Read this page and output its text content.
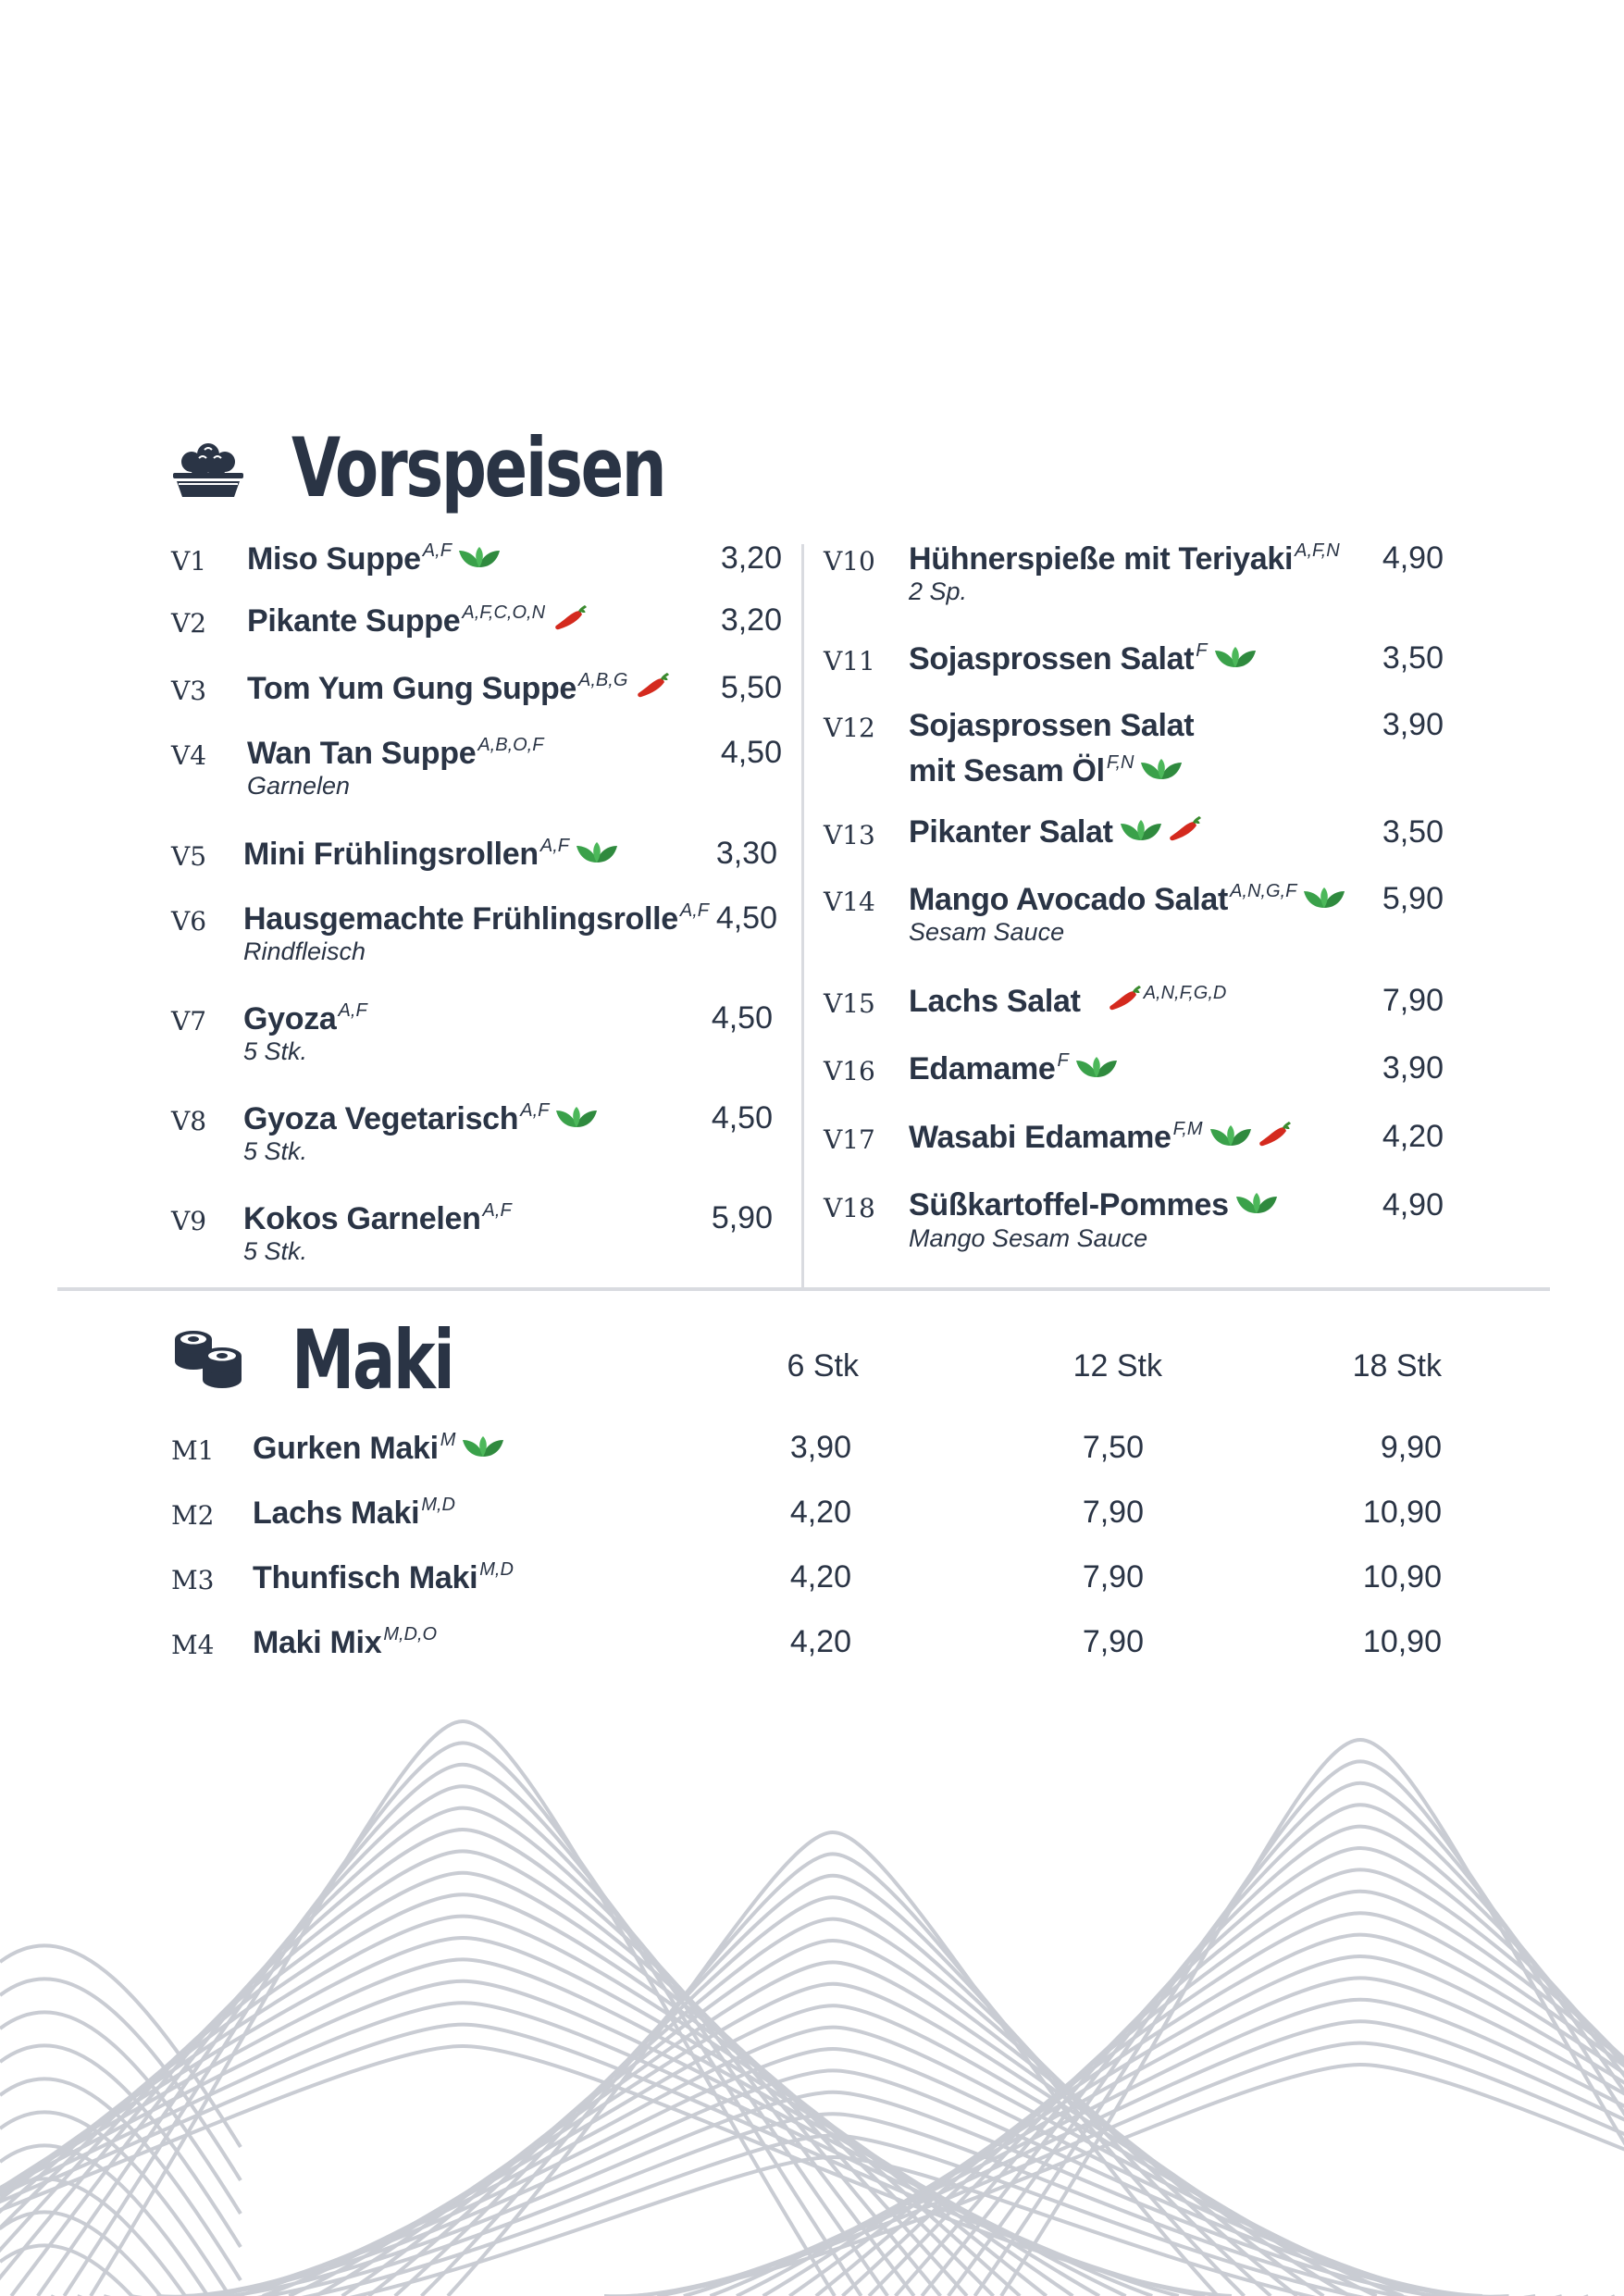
Vorspeisen
V1 Miso Suppe $^{A,F}$	3,20
V2 Pikante Suppe $^{A,F,C,O,N}$	3,20
V3 Tom Yum Gung Suppe $^{A,B,G}$	5,50
V4 Wan Tan Suppe $^{A,B,O,F}$
Garnelen
4,50
V5 Mini Frühlingsrollen $^{A,F}$	3,30
V6 Hausgemachte Frühlingsrolle $^{A,F}$
Rindfleisch
4,50
V7 Gyoza $^{A,F}$
5 Stk.
4,50
V8 Gyoza Vegetarisch $^{A,F}$
5 Stk.
4,50
V9 Kokos Garnelen $^{A,F}$
5 Stk.
5,90
V10 Hühnerspieße mit Teriyaki $^{A,F,N}$
2 Sp.
4,90
V11 Sojasprossen Salat $^F$	3,50
V12 Sojasprossen Salat
mit Sesam Öl $^{F,N}$
3,90
V13 Pikanter Salat	3,50
V14 Mango Avocado Salat $^{A,N,G,F}$
Sesam Sauce
5,90
V15 Lachs Salat	$^{A,N,F,G,D}$	7,90
V16 Edamame $^F$	3,90
V17 Wasabi Edamame $^{F,M}$	4,20
V18 Süßkartoffel-Pommes
Mango Sesam Sauce
4,90
Maki	6 Stk	12 Stk	18 Stk
M1 Gurken Maki $^M$	3,90	7,50	9,90
M2 Lachs Maki $^{M,D}$	4,20	7,90	10,90
M3 Thunfisch Maki $^{M,D}$	4,20	7,90	10,90
M4 Maki Mix $^{M,D,O}$	4,20	7,90	10,90
